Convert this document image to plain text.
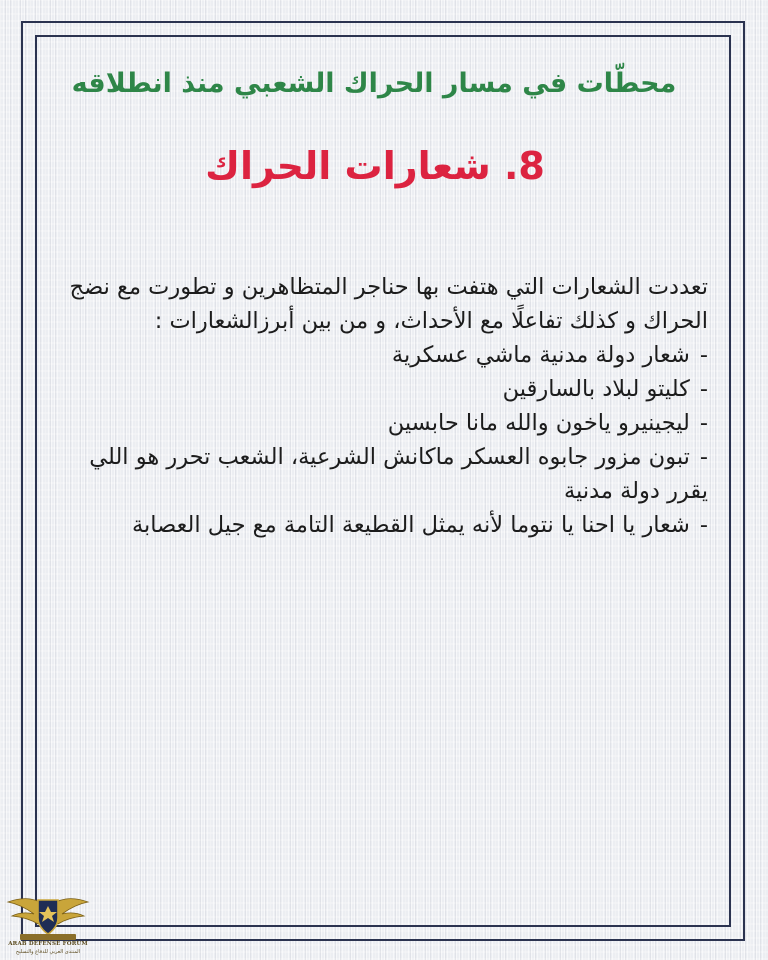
محطّات في مسار الحراك الشعبي منذ انطلاقه
8. شعارات الحراك

تعددت الشعارات التي هتفت بها حناجر المتظاهرين و تطورت مع نضج الحراك و كذلك تفاعلًا مع الأحداث، و من بين أبرزالشعارات :

-شعار دولة مدنية ماشي عسكرية
-كليتو لبلاد بالسارقين
-ليجينيرو ياخون والله مانا حابسين
-تبون مزور جابوه العسكر ماكانش الشرعية، الشعب تحرر هو اللي يقرر دولة مدنية
-شعار يا احنا يا نتوما لأنه يمثل القطيعة التامة مع جيل العصابة
ARAB DEFENSE FORUM
المنتدى العربي للدفاع والتسليح
